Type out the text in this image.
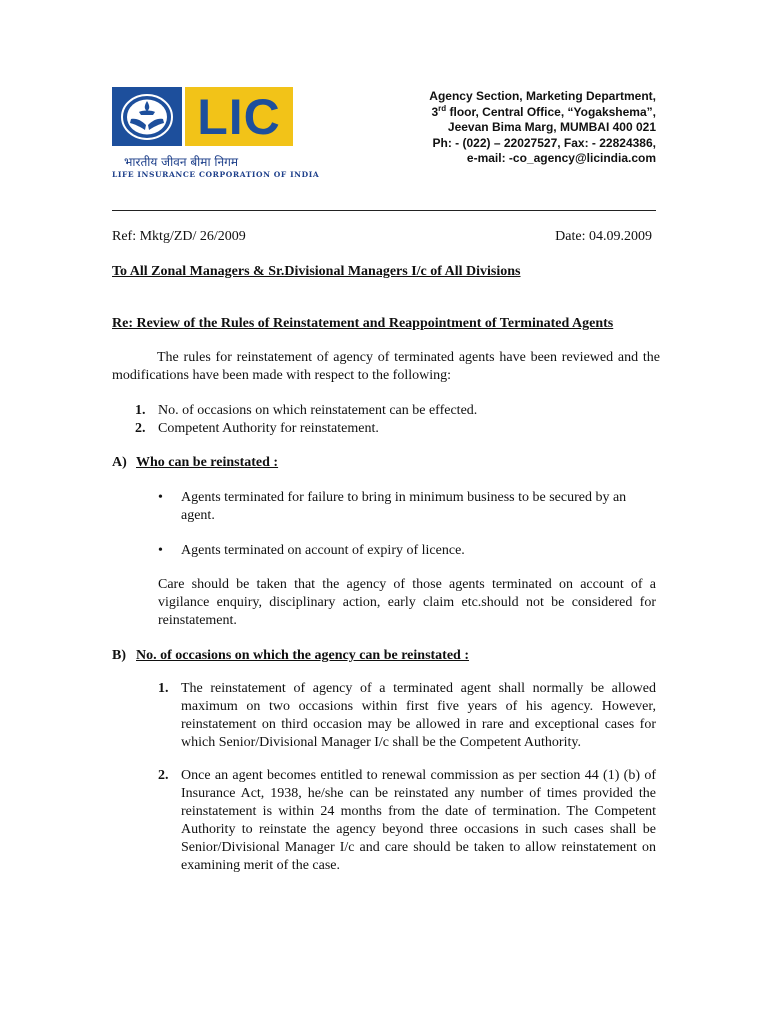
LIC
भारतीय जीवन बीमा निगम
LIFE INSURANCE CORPORATION OF INDIA
Agency Section, Marketing Department,
3rd floor, Central Office, “Yogakshema”,
Jeevan Bima Marg, MUMBAI 400 021
Ph: - (022) – 22027527, Fax: - 22824386,
e-mail: -co_agency@licindia.com
Ref: Mktg/ZD/ 26/2009	Date: 04.09.2009
To All Zonal Managers & Sr.Divisional Managers I/c of All Divisions
Re: Review of the Rules of Reinstatement and Reappointment of Terminated Agents
The rules for reinstatement of agency of terminated agents have been reviewed and the modifications have been made with respect to the following:
1. No. of occasions on which reinstatement can be effected.
2. Competent Authority for reinstatement.
A) Who can be reinstated :
•	Agents terminated for failure to bring in minimum business to be secured by an agent.
•	Agents terminated on account of expiry of licence.
Care should be taken that the agency of those agents terminated on account of a vigilance enquiry, disciplinary action, early claim etc.should not be considered for reinstatement.
B) No. of occasions on which the agency can be reinstated :
1. The reinstatement of agency of a terminated agent shall normally be allowed maximum on two occasions within first five years of his agency. However, reinstatement on third occasion may be allowed in rare and exceptional cases for which Senior/Divisional Manager I/c shall be the Competent Authority.
2. Once an agent becomes entitled to renewal commission as per section 44 (1) (b) of Insurance Act, 1938, he/she can be reinstated any number of times provided the reinstatement is within 24 months from the date of termination. The Competent Authority to reinstate the agency beyond three occasions in such cases shall be Senior/Divisional Manager I/c and care should be taken to allow reinstatement on examining merit of the case.
